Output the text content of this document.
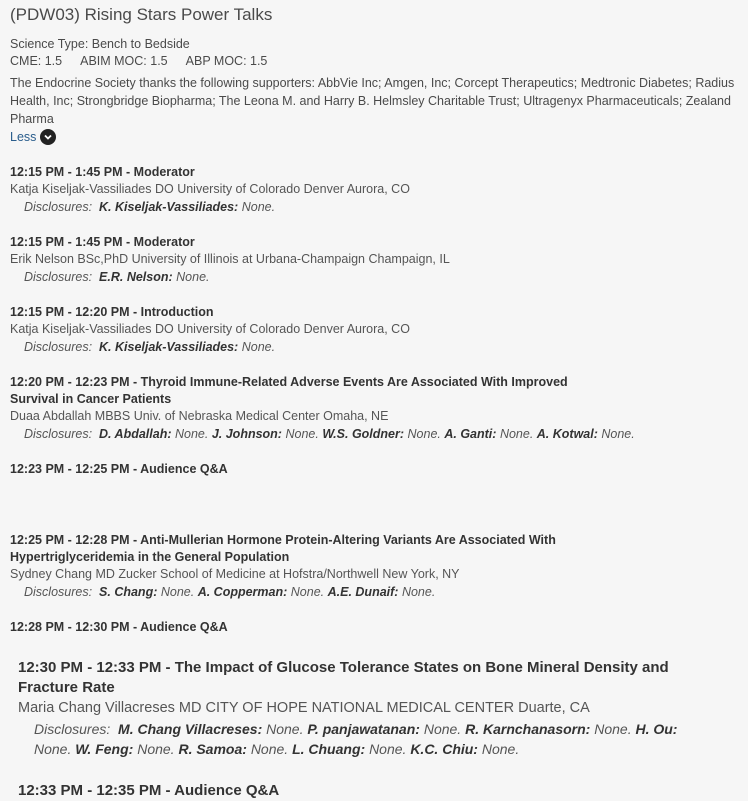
(PDW03) Rising Stars Power Talks
Science Type: Bench to Bedside
CME: 1.5 ABIM MOC: 1.5 ABP MOC: 1.5
The Endocrine Society thanks the following supporters: AbbVie Inc; Amgen, Inc; Corcept Therapeutics; Medtronic Diabetes; Radius Health, Inc; Strongbridge Biopharma; The Leona M. and Harry B. Helmsley Charitable Trust; Ultragenyx Pharmaceuticals; Zealand Pharma
Less
12:15 PM - 1:45 PM - Moderator
Katja Kiseljak-Vassiliades DO University of Colorado Denver Aurora, CO
Disclosures: K. Kiseljak-Vassiliades: None.
12:15 PM - 1:45 PM - Moderator
Erik Nelson BSc,PhD University of Illinois at Urbana-Champaign Champaign, IL
Disclosures: E.R. Nelson: None.
12:15 PM - 12:20 PM - Introduction
Katja Kiseljak-Vassiliades DO University of Colorado Denver Aurora, CO
Disclosures: K. Kiseljak-Vassiliades: None.
12:20 PM - 12:23 PM - Thyroid Immune-Related Adverse Events Are Associated With Improved Survival in Cancer Patients
Duaa Abdallah MBBS Univ. of Nebraska Medical Center Omaha, NE
Disclosures: D. Abdallah: None. J. Johnson: None. W.S. Goldner: None. A. Ganti: None. A. Kotwal: None.
12:23 PM - 12:25 PM - Audience Q&A
12:25 PM - 12:28 PM - Anti-Mullerian Hormone Protein-Altering Variants Are Associated With Hypertriglyceridemia in the General Population
Sydney Chang MD Zucker School of Medicine at Hofstra/Northwell New York, NY
Disclosures: S. Chang: None. A. Copperman: None. A.E. Dunaif: None.
12:28 PM - 12:30 PM - Audience Q&A
12:30 PM - 12:33 PM - The Impact of Glucose Tolerance States on Bone Mineral Density and Fracture Rate
Maria Chang Villacreses MD CITY OF HOPE NATIONAL MEDICAL CENTER Duarte, CA
Disclosures: M. Chang Villacreses: None. P. panjawatanan: None. R. Karnchanasorn: None. H. Ou: None. W. Feng: None. R. Samoa: None. L. Chuang: None. K.C. Chiu: None.
12:33 PM - 12:35 PM - Audience Q&A
